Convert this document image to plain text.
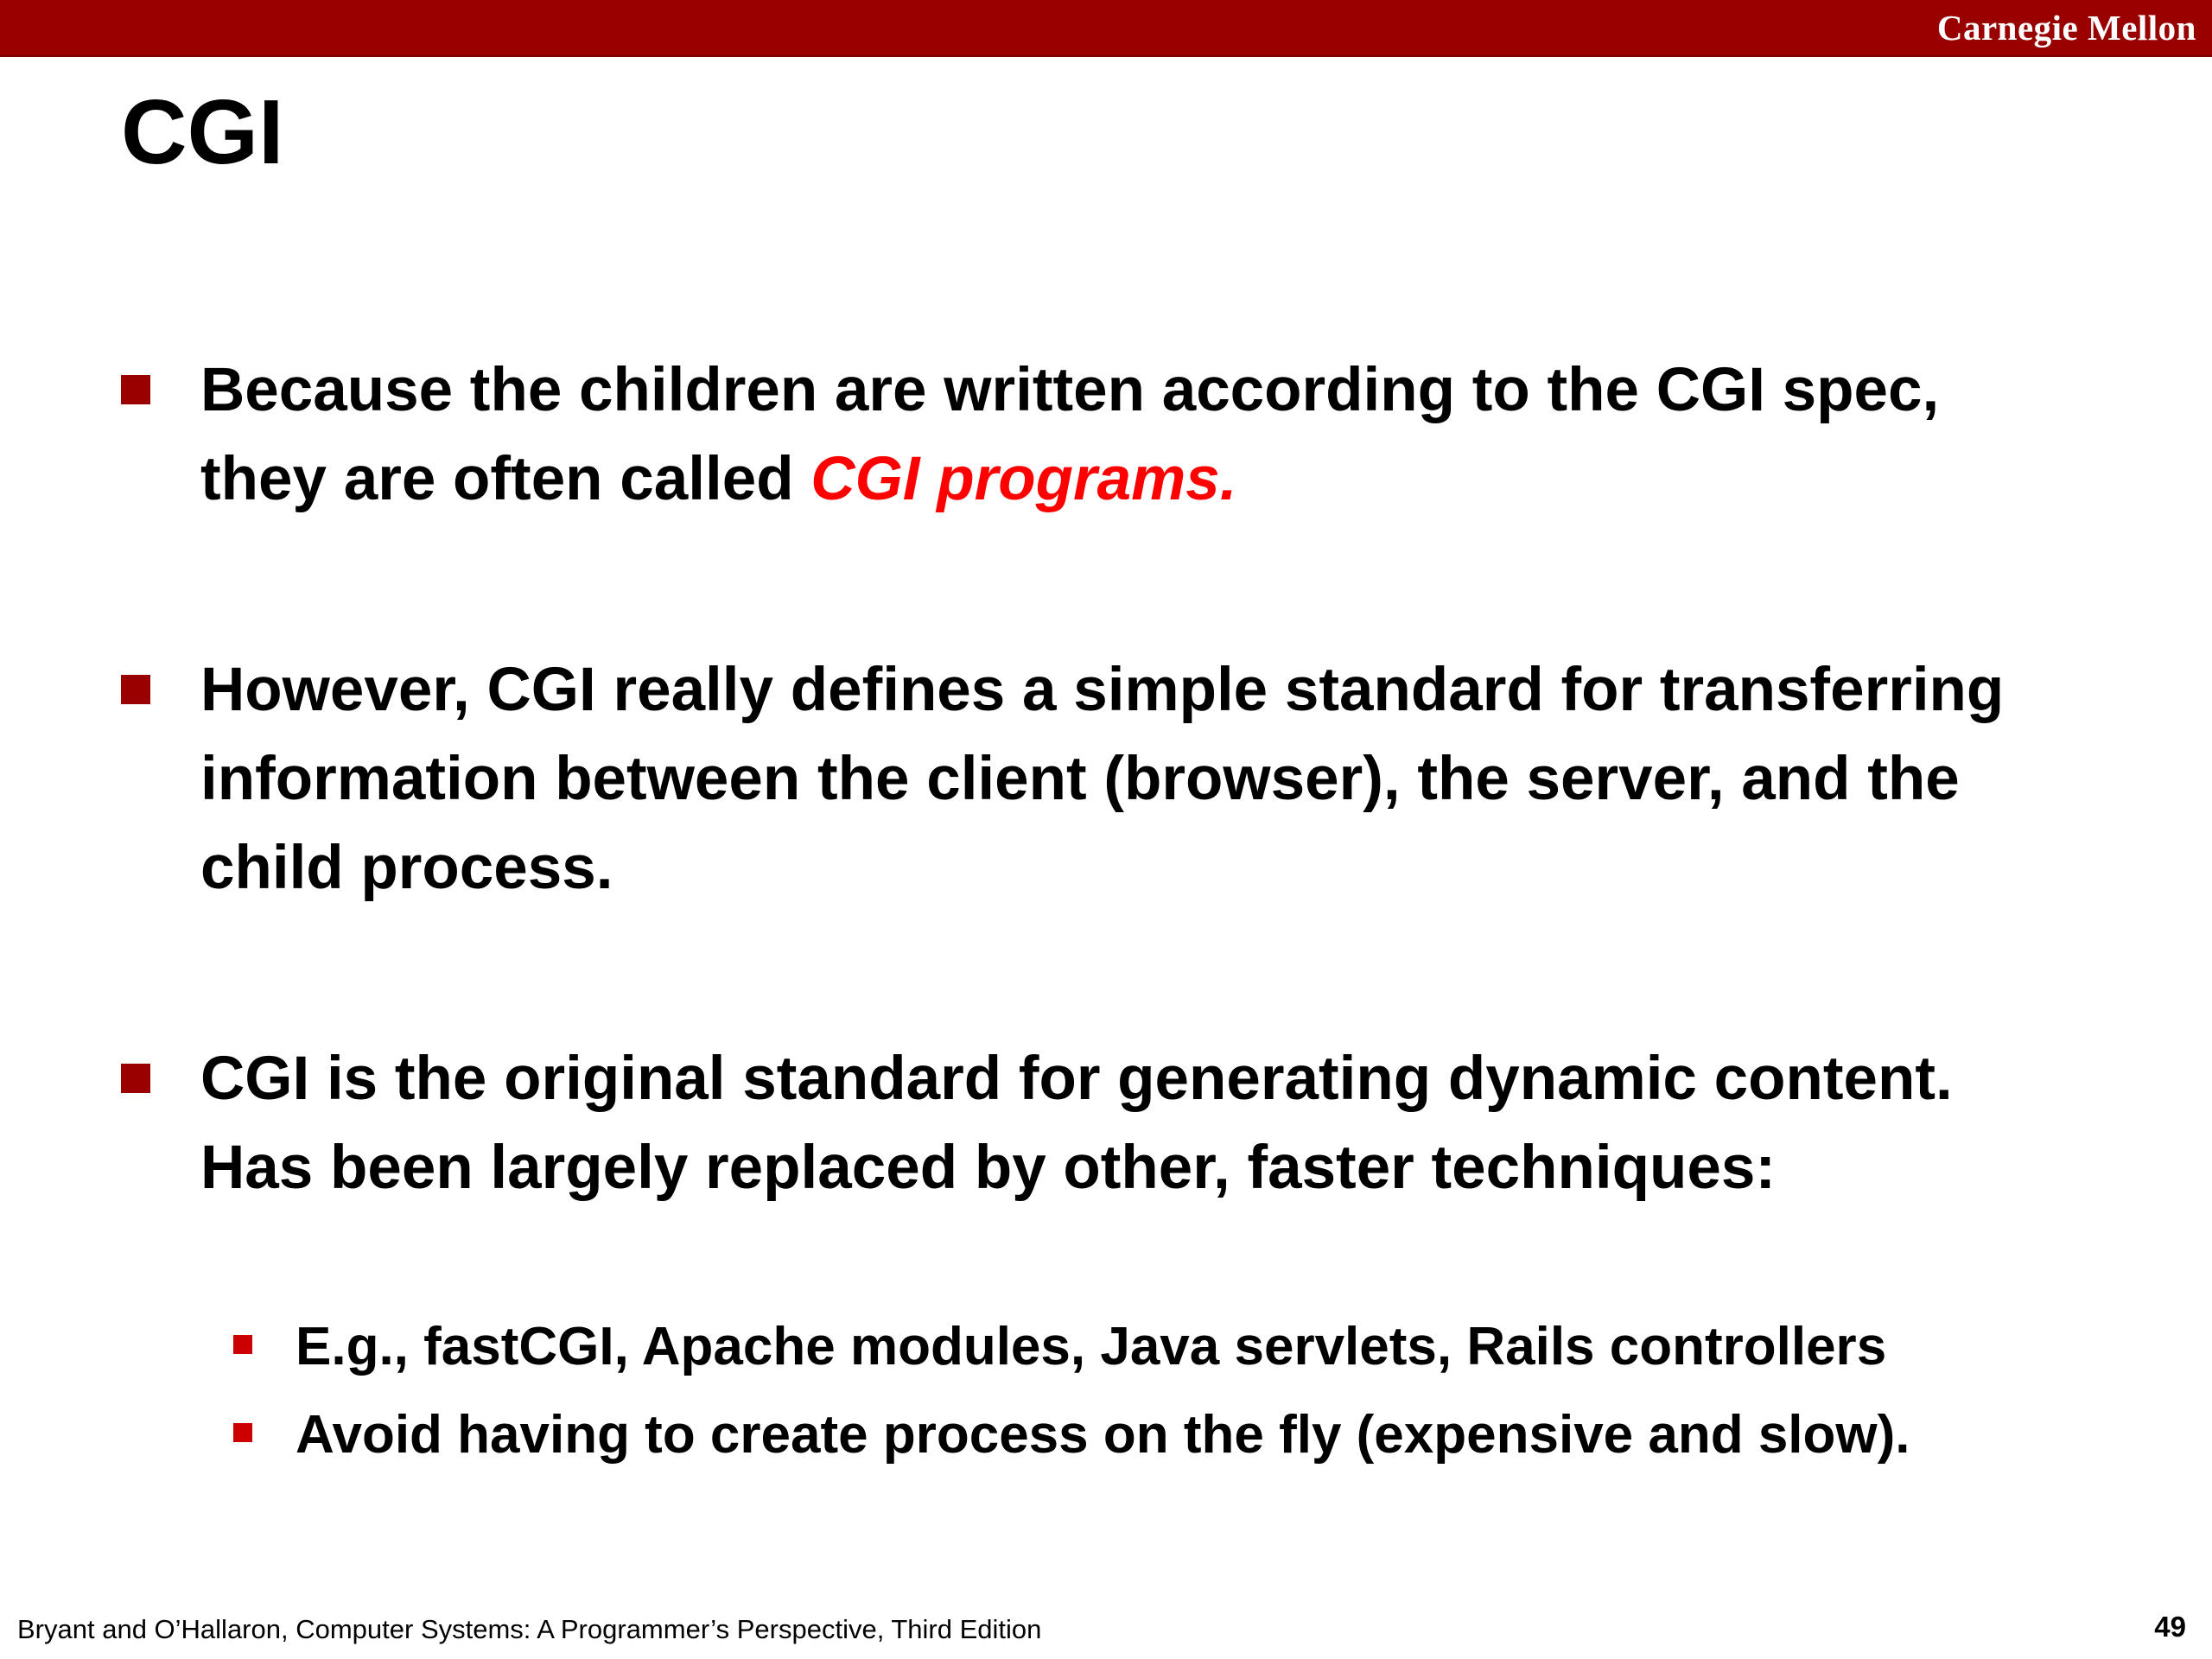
Carnegie Mellon
CGI
Because the children are written according to the CGI spec, they are often called CGI programs.
However, CGI really defines a simple standard for transferring information between the client (browser), the server, and the child process.
CGI is the original standard for generating dynamic content. Has been largely replaced by other, faster techniques:
E.g., fastCGI, Apache modules, Java servlets, Rails controllers
Avoid having to create process on the fly (expensive and slow).
Bryant and O’Hallaron, Computer Systems: A Programmer’s Perspective, Third Edition	49
